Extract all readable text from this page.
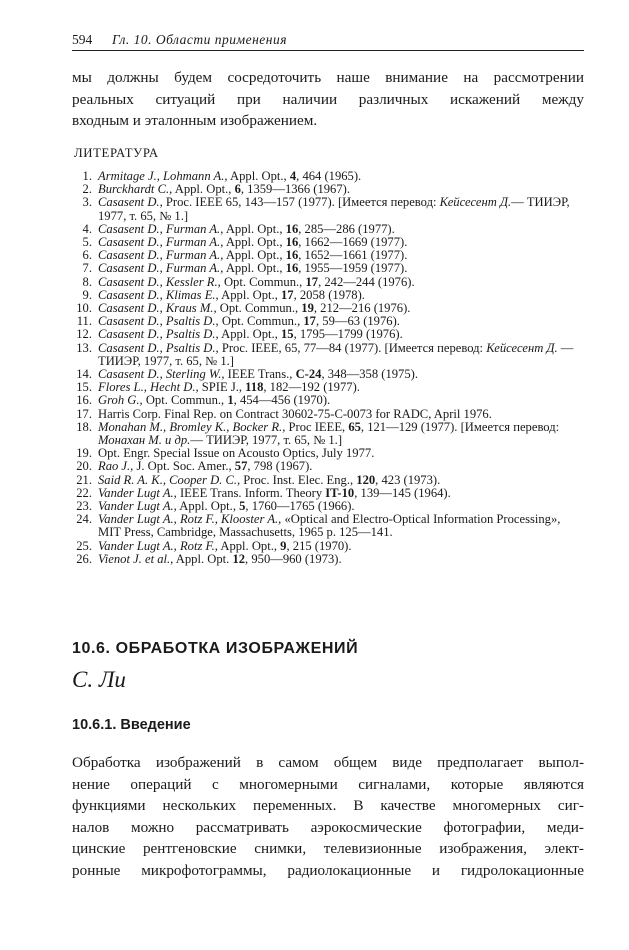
594 Гл. 10. Области применения
мы должны будем сосредоточить наше внимание на рассмотрении
реальных ситуаций при наличии различных искажений между
входным и эталонным изображением.
ЛИТЕРАТУРА
1. Armitage J., Lohmann A., Appl. Opt., 4, 464 (1965).
2. Burckhardt C., Appl. Opt., 6, 1359—1366 (1967).
3. Casasent D., Proc. IEEE 65, 143—157 (1977). [Имеется перевод: Кейсесент Д.— ТИИЭР, 1977, т. 65, № 1.]
4. Casasent D., Furman A., Appl. Opt., 16, 285—286 (1977).
5. Casasent D., Furman A., Appl. Opt., 16, 1662—1669 (1977).
6. Casasent D., Furman A., Appl. Opt., 16, 1652—1661 (1977).
7. Casasent D., Furman A., Appl. Opt., 16, 1955—1959 (1977).
8. Casasent D., Kessler R., Opt. Commun., 17, 242—244 (1976).
9. Casasent D., Klimas E., Appl. Opt., 17, 2058 (1978).
10. Casasent D., Kraus M., Opt. Commun., 19, 212—216 (1976).
11. Casasent D., Psaltis D., Opt. Commun., 17, 59—63 (1976).
12. Casasent D., Psaltis D., Appl. Opt., 15, 1795—1799 (1976).
13. Casasent D., Psaltis D., Proc. IEEE, 65, 77—84 (1977). [Имеется перевод: Кейсесент Д. — ТИИЭР, 1977, т. 65, № 1.]
14. Casasent D., Sterling W., IEEE Trans., C-24, 348—358 (1975).
15. Flores L., Hecht D., SPIE J., 118, 182—192 (1977).
16. Groh G., Opt. Commun., 1, 454—456 (1970).
17. Harris Corp. Final Rep. on Contract 30602-75-C-0073 for RADC, April 1976.
18. Monahan M., Bromley K., Bocker R., Proc IEEE, 65, 121—129 (1977). [Имеется перевод: Монахан М. и др.— ТИИЭР, 1977, т. 65, № 1.]
19. Opt. Engr. Special Issue on Acousto Optics, July 1977.
20. Rao J., J. Opt. Soc. Amer., 57, 798 (1967).
21. Said R. A. K., Cooper D. C., Proc. Inst. Elec. Eng., 120, 423 (1973).
22. Vander Lugt A., IEEE Trans. Inform. Theory IT-10, 139—145 (1964).
23. Vander Lugt A., Appl. Opt., 5, 1760—1765 (1966).
24. Vander Lugt A., Rotz F., Klooster A., «Optical and Electro-Optical Information Processing», MIT Press, Cambridge, Massachusetts, 1965 p. 125—141.
25. Vander Lugt A., Rotz F., Appl. Opt., 9, 215 (1970).
26. Vienot J. et al., Appl. Opt. 12, 950—960 (1973).
10.6. ОБРАБОТКА ИЗОБРАЖЕНИЙ
С. Ли
10.6.1. Введение
Обработка изображений в самом общем виде предполагает выпол-
нение операций с многомерными сигналами, которые являются
функциями нескольких переменных. В качестве многомерных сиг-
налов можно рассматривать аэрокосмические фотографии, меди-
цинские рентгеновские снимки, телевизионные изображения, элект-
ронные микрофотограммы, радиолокационные и гидролокационные
